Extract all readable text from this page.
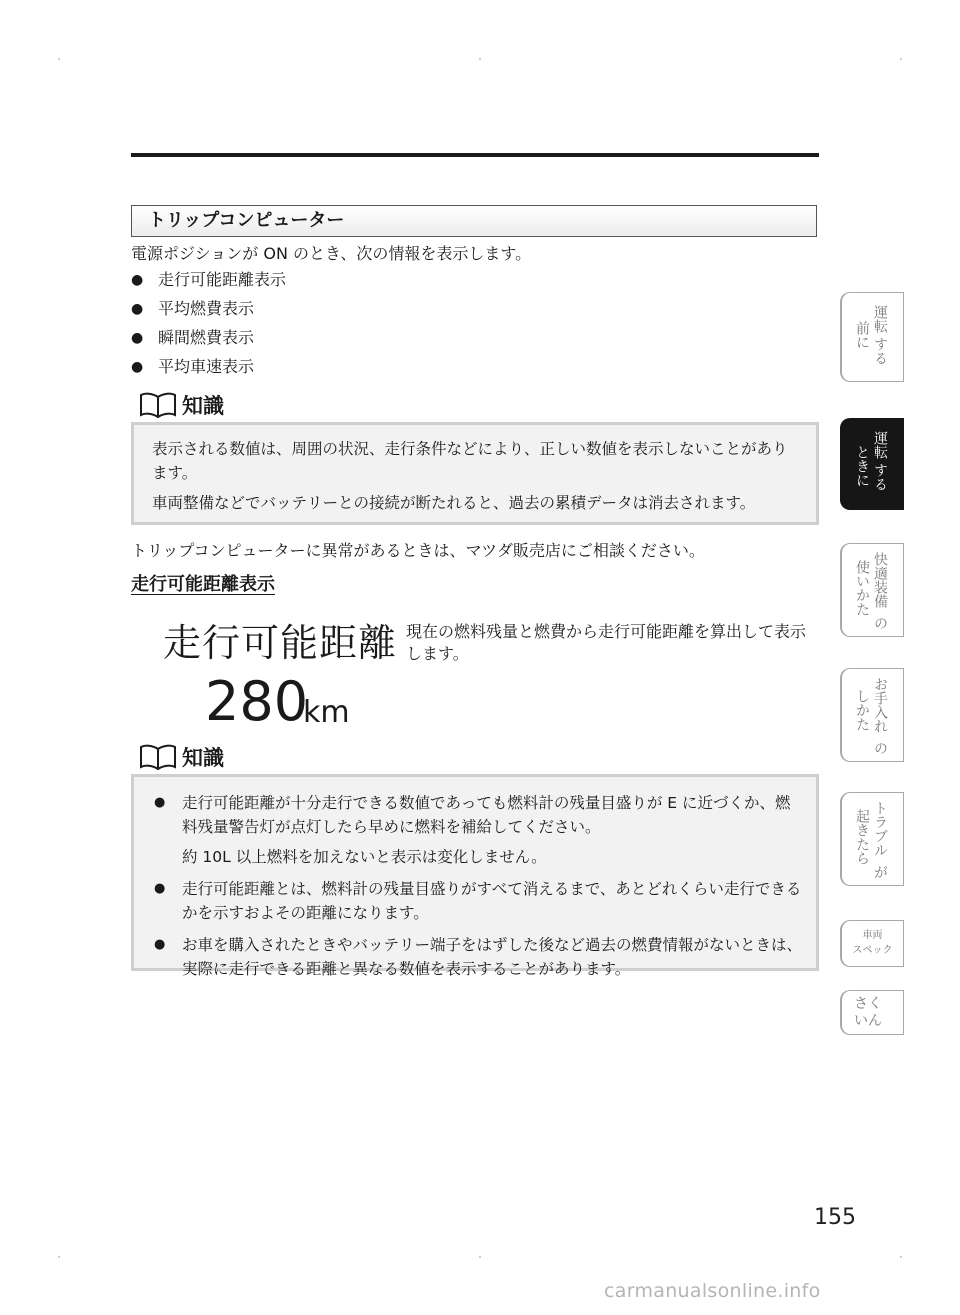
トリップコンピューター
電源ポジションが ON のとき、次の情報を表示します。
● 走行可能距離表示
● 平均燃費表示
● 瞬間燃費表示
● 平均車速表示
知識

表示される数値は、周囲の状況、走行条件などにより、正しい数値を表示しないことがあります。

車両整備などでバッテリーとの接続が断たれると、過去の累積データは消去されます。

トリップコンピューターに異常があるときは、マツダ販売店にご相談ください。
走行可能距離表示
走行可能距離
280
km
現在の燃料残量と燃費から走行可能距離を算出して表示します。
知識
● 走行可能距離が十分走行できる数値であっても燃料計の残量目盛りが E に近づくか、燃料残量警告灯が点灯したら早めに燃料を補給してください。
約 10L 以上燃料を加えないと表示は変化しません。
● 走行可能距離とは、燃料計の残量目盛りがすべて消えるまで、あとどれくらい走行できるかを示すおよその距離になります。
● お車を購入されたときやバッテリー端子をはずした後など過去の燃費情報がないときは、実際に走行できる距離と異なる数値を表示することがあります。
運転
前に
する
運転
ときに する
快適装備
使いかた
の
お手入れ
しかた
の
トラブル
起きたら
が
車両
スペック
さく
いん
155
carmanualsonline.info
